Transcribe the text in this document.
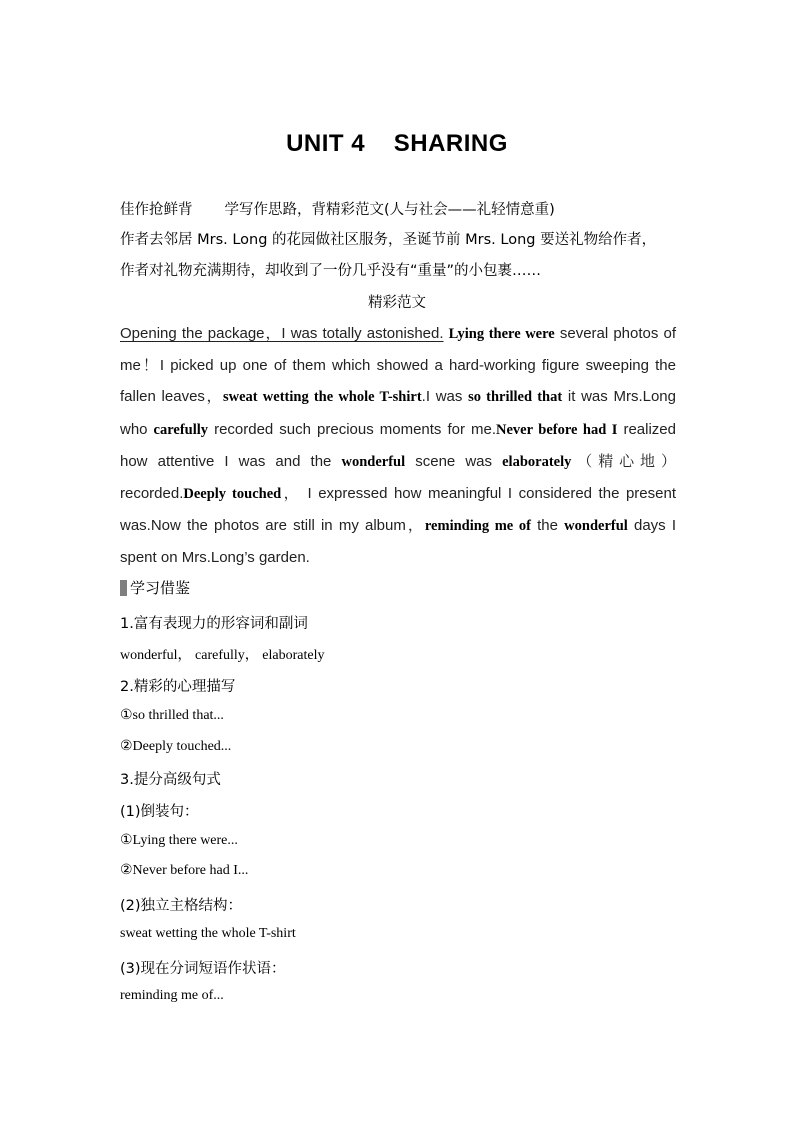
UNIT 4 SHARING
佳作抢鲜背 学写作思路，背精彩范文(人与社会——礼轻情意重)
作者去邻居 Mrs. Long 的花园做社区服务，圣诞节前 Mrs. Long 要送礼物给作者，
作者对礼物充满期待，却收到了一份几乎没有“重量”的小包裹……
精彩范文
Opening the package，I was totally astonished. Lying there were several photos of me！I picked up one of them which showed a hard-working figure sweeping the fallen leaves，sweat wetting the whole T-shirt.I was so thrilled that it was Mrs.Long who carefully recorded such precious moments for me.Never before had I realized how attentive I was and the wonderful scene was elaborately（精心地）recorded.Deeply touched， I expressed how meaningful I considered the present was.Now the photos are still in my album，reminding me of the wonderful days I spent on Mrs.Long’s garden.
学习借鉴
1.富有表现力的形容词和副词
wonderful， carefully， elaborately
2.精彩的心理描写
①so thrilled that...
②Deeply touched...
3.提分高级句式
(1)倒装句：
①Lying there were...
②Never before had I...
(2)独立主格结构：
sweat wetting the whole T-shirt
(3)现在分词短语作状语：
reminding me of...
